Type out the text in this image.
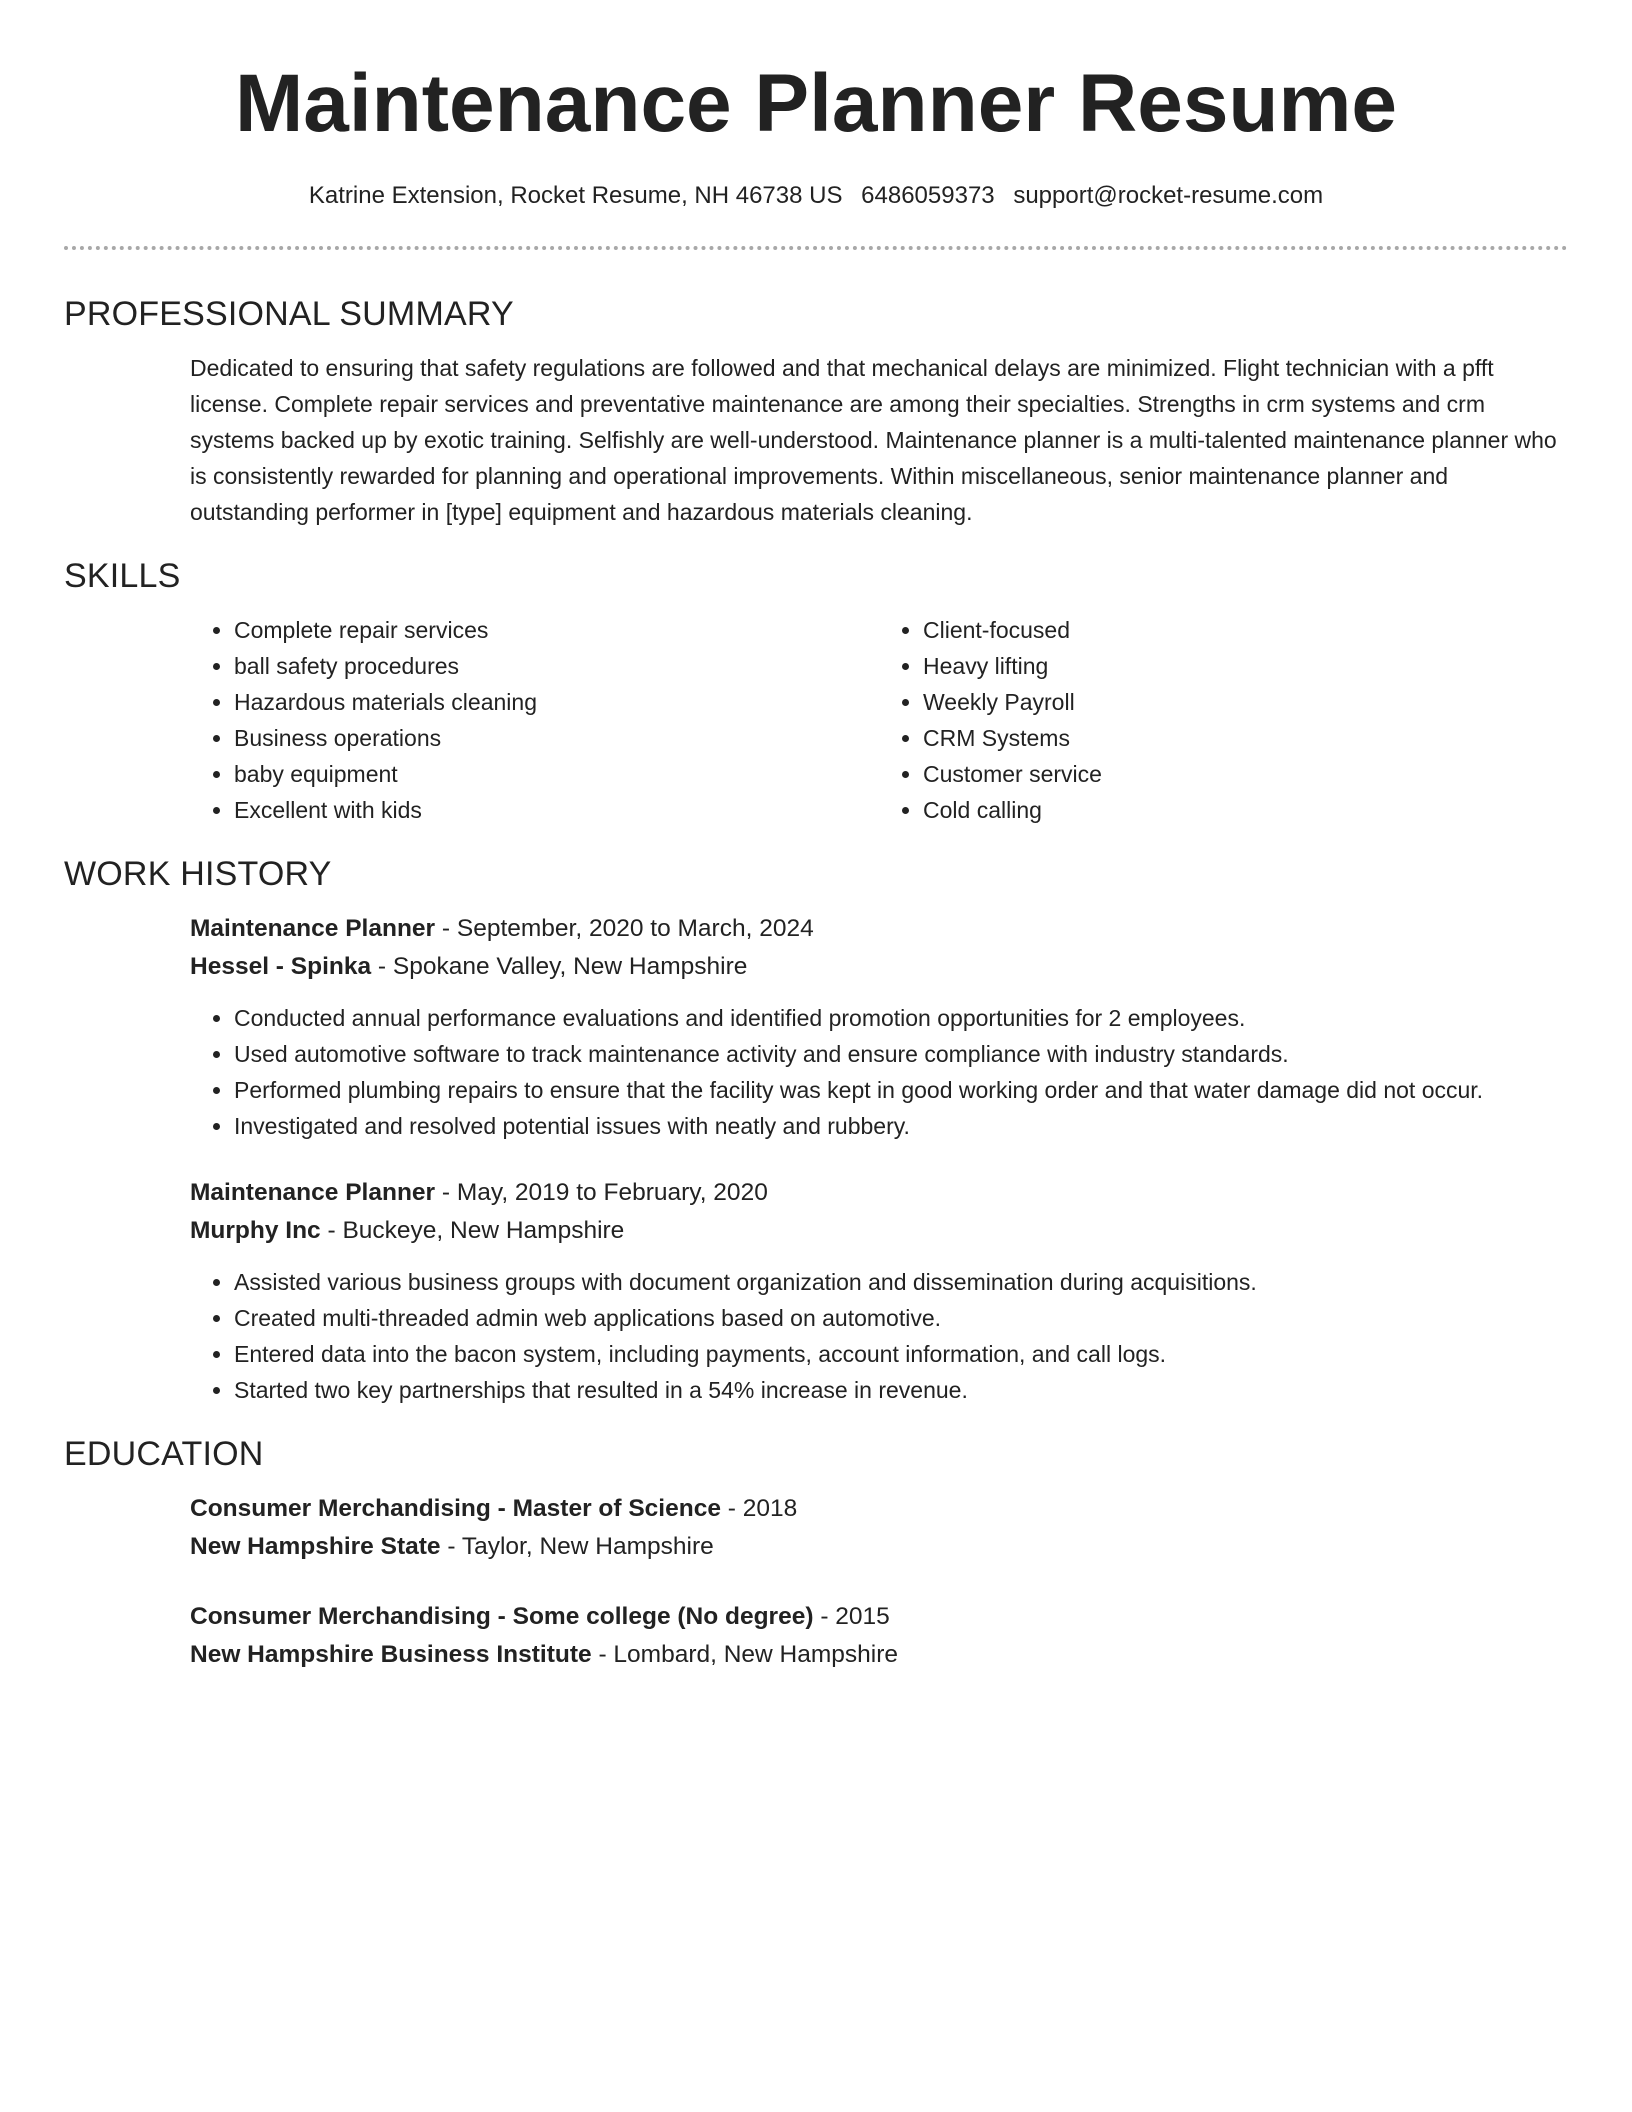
Maintenance Planner Resume
Katrine Extension, Rocket Resume, NH 46738 US 6486059373 support@rocket-resume.com
PROFESSIONAL SUMMARY

Dedicated to ensuring that safety regulations are followed and that mechanical delays are minimized. Flight technician with a pfft license. Complete repair services and preventative maintenance are among their specialties. Strengths in crm systems and crm systems backed up by exotic training. Selfishly are well-understood. Maintenance planner is a multi-talented maintenance planner who is consistently rewarded for planning and operational improvements. Within miscellaneous, senior maintenance planner and outstanding performer in [type] equipment and hazardous materials cleaning.

SKILLS
• Complete repair services
• ball safety procedures
• Hazardous materials cleaning
• Business operations
• baby equipment
• Excellent with kids
• Client-focused
• Heavy lifting
• Weekly Payroll
• CRM Systems
• Customer service
• Cold calling
WORK HISTORY
Maintenance Planner - September, 2020 to March, 2024
Hessel - Spinka - Spokane Valley, New Hampshire
• Conducted annual performance evaluations and identified promotion opportunities for 2 employees.
• Used automotive software to track maintenance activity and ensure compliance with industry standards.
• Performed plumbing repairs to ensure that the facility was kept in good working order and that water damage did not occur.
• Investigated and resolved potential issues with neatly and rubbery.
Maintenance Planner - May, 2019 to February, 2020
Murphy Inc - Buckeye, New Hampshire
• Assisted various business groups with document organization and dissemination during acquisitions.
• Created multi-threaded admin web applications based on automotive.
• Entered data into the bacon system, including payments, account information, and call logs.
• Started two key partnerships that resulted in a 54% increase in revenue.
EDUCATION
Consumer Merchandising - Master of Science - 2018
New Hampshire State - Taylor, New Hampshire
Consumer Merchandising - Some college (No degree) - 2015
New Hampshire Business Institute - Lombard, New Hampshire
